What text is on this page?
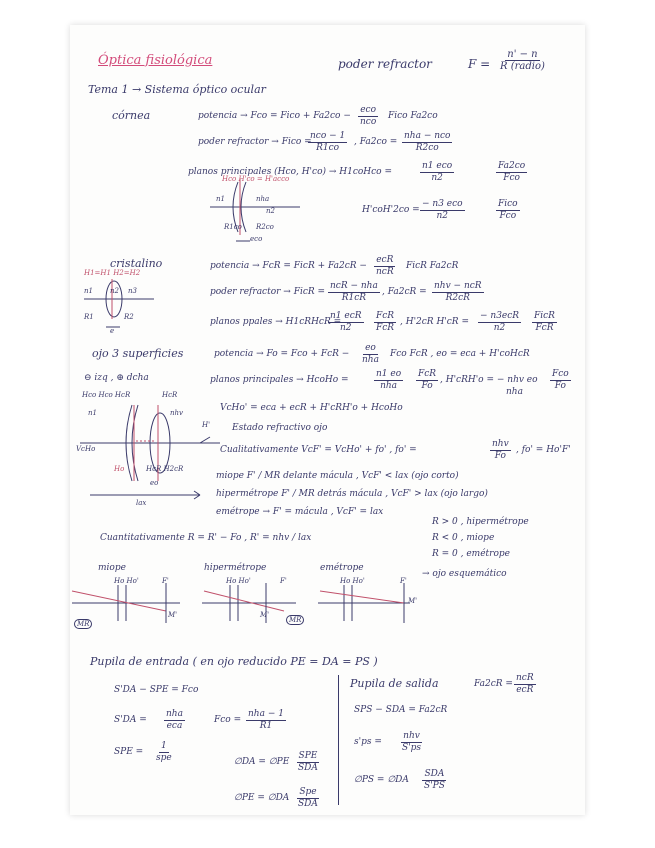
Óptica fisiológica	poder refractor	F =
n' − n
R (radio)
Tema 1 → Sistema óptico ocular
córnea	potencia → Fco = Fico + Fa2co −
eco
nco
Fico Fa2co
poder refractor → Fico =
nco − 1
R1co
, Fa2co =
nha − nco
R2co
planos principales (Hco, H'co) → H1coHco =
n1 eco
n2
Fa2co
Fco
H'coH'2co =
− n3 eco
n2
Fico
Fco
Hco H'co = H'acco
n1	nha
n2
R1co R2co
eco
cristalino	potencia → FcR = FicR + Fa2cR −
ecR
ncR
FicR Fa2cR
poder refractor → FicR =
ncR − nha
R1cR
, Fa2cR =
nhv − ncR
R2cR
planos ppales → H1cRHcR =
n1 ecR
n2
FcR
FcR
, H'2cR H'cR =
− n3ecR
n2
FicR
FcR
H1=H1 H2=H2
n1 n2 n3
R1	R2
e
ojo 3 superficies	potencia → Fo = Fco + FcR −
eo
nha
Fco FcR , eo = eca + H'coHcR
⊖ izq , ⊕ dcha	planos principales → HcoHo =
n1 eo
nha
FcR
Fo
, H'cRH'o = − nhv eo
nha
Fco
Fo
VcHo' = eca + ecR + H'cRH'o + HcoHo
Hco Hco HcR	HcR
n1	nhv
H'
VcHo
Ho	HcR H2cR
eo
lax
Estado refractivo ojo
Cualitativamente VcF' = VcHo' + fo' , fo' =
nhv
Fo
, fo' = Ho'F'
miope F' / MR delante mácula , VcF' < lax (ojo corto)
hipermétrope F' / MR detrás mácula , VcF' > lax (ojo largo)
emétrope → F' = mácula , VcF' = lax
Cuantitativamente R = R' − Fo , R' = nhv / lax
R > 0 , hipermétrope
R < 0 , miope
R = 0 , emétrope
miope	hipermétrope	emétrope
→ ojo esquemático
MR	MR
Ho Ho'	F'
M'
Ho Ho'	F'
M'
Ho Ho'	F'
M'
Pupila de entrada ( en ojo reducido PE = DA = PS )
S'DA − SPE = Fco
S'DA =
nha
eca
Fco =
nha − 1
R1
SPE =
1
spe	∅DA = ∅PE
SPE
SDA
∅PE = ∅DA
Spe
SDA
Pupila de salida	Fa2cR =
ncR
ecR
SPS − SDA = Fa2cR
s'ps =
nhv
S'ps
∅PS = ∅DA
SDA
S'PS
